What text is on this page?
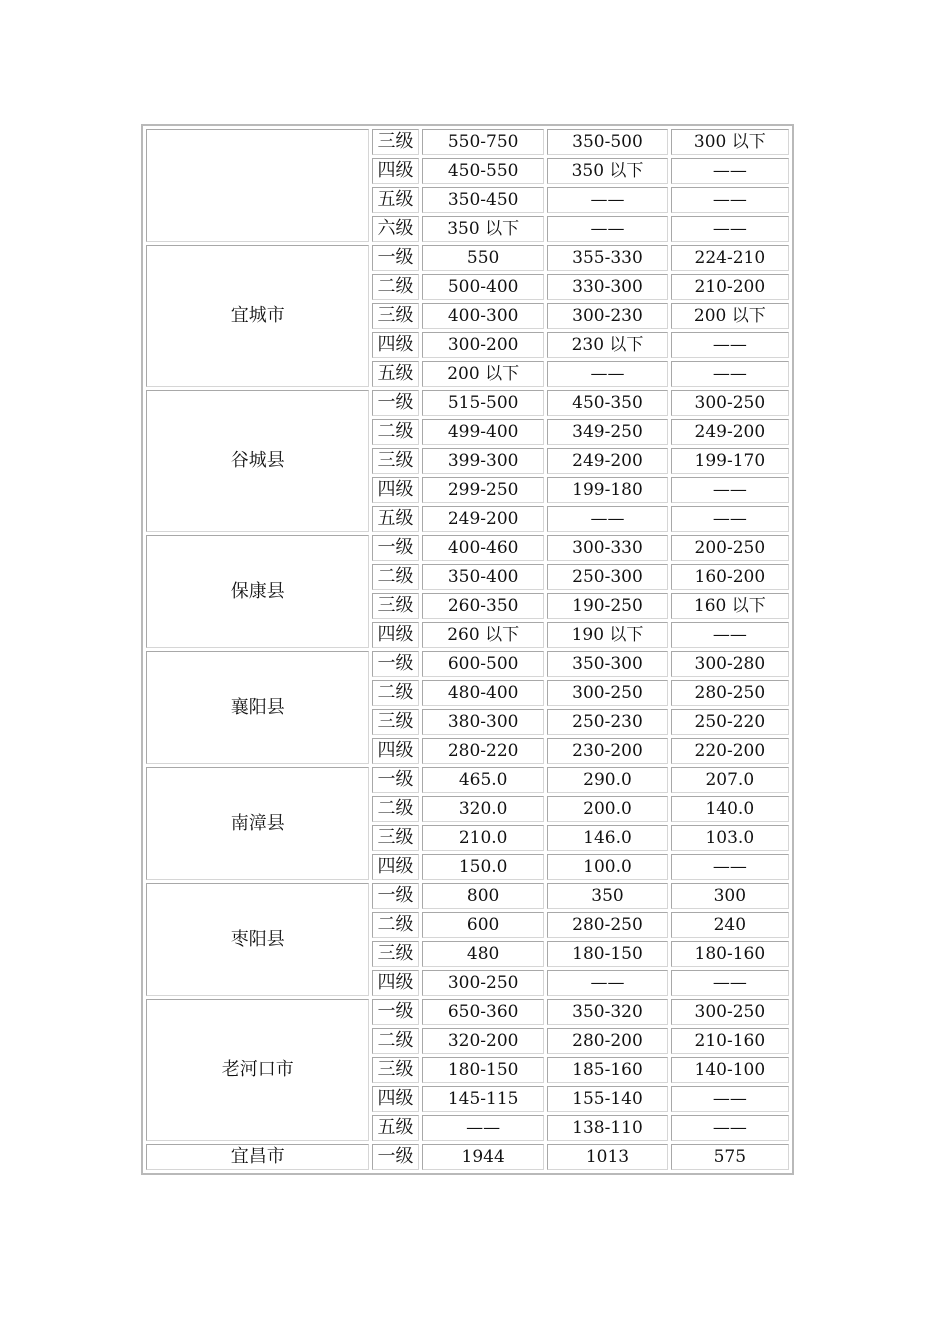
	三级	550-750	350-500	300 以下
	四级	450-550	350 以下	——
	五级	350-450	——	——
	六级	350 以下	——	——
宜城市	一级	550	355-330	224-210
	二级	500-400	330-300	210-200
	三级	400-300	300-230	200 以下
	四级	300-200	230 以下	——
	五级	200 以下	——	——
谷城县	一级	515-500	450-350	300-250
	二级	499-400	349-250	249-200
	三级	399-300	249-200	199-170
	四级	299-250	199-180	——
	五级	249-200	——	——
保康县	一级	400-460	300-330	200-250
	二级	350-400	250-300	160-200
	三级	260-350	190-250	160 以下
	四级	260 以下	190 以下	——
襄阳县	一级	600-500	350-300	300-280
	二级	480-400	300-250	280-250
	三级	380-300	250-230	250-220
	四级	280-220	230-200	220-200
南漳县	一级	465.0	290.0	207.0
	二级	320.0	200.0	140.0
	三级	210.0	146.0	103.0
	四级	150.0	100.0	——
枣阳县	一级	800	350	300
	二级	600	280-250	240
	三级	480	180-150	180-160
	四级	300-250	——	——
老河口市	一级	650-360	350-320	300-250
	二级	320-200	280-200	210-160
	三级	180-150	185-160	140-100
	四级	145-115	155-140	——
	五级	——	138-110	——
宜昌市	一级	1944	1013	575
